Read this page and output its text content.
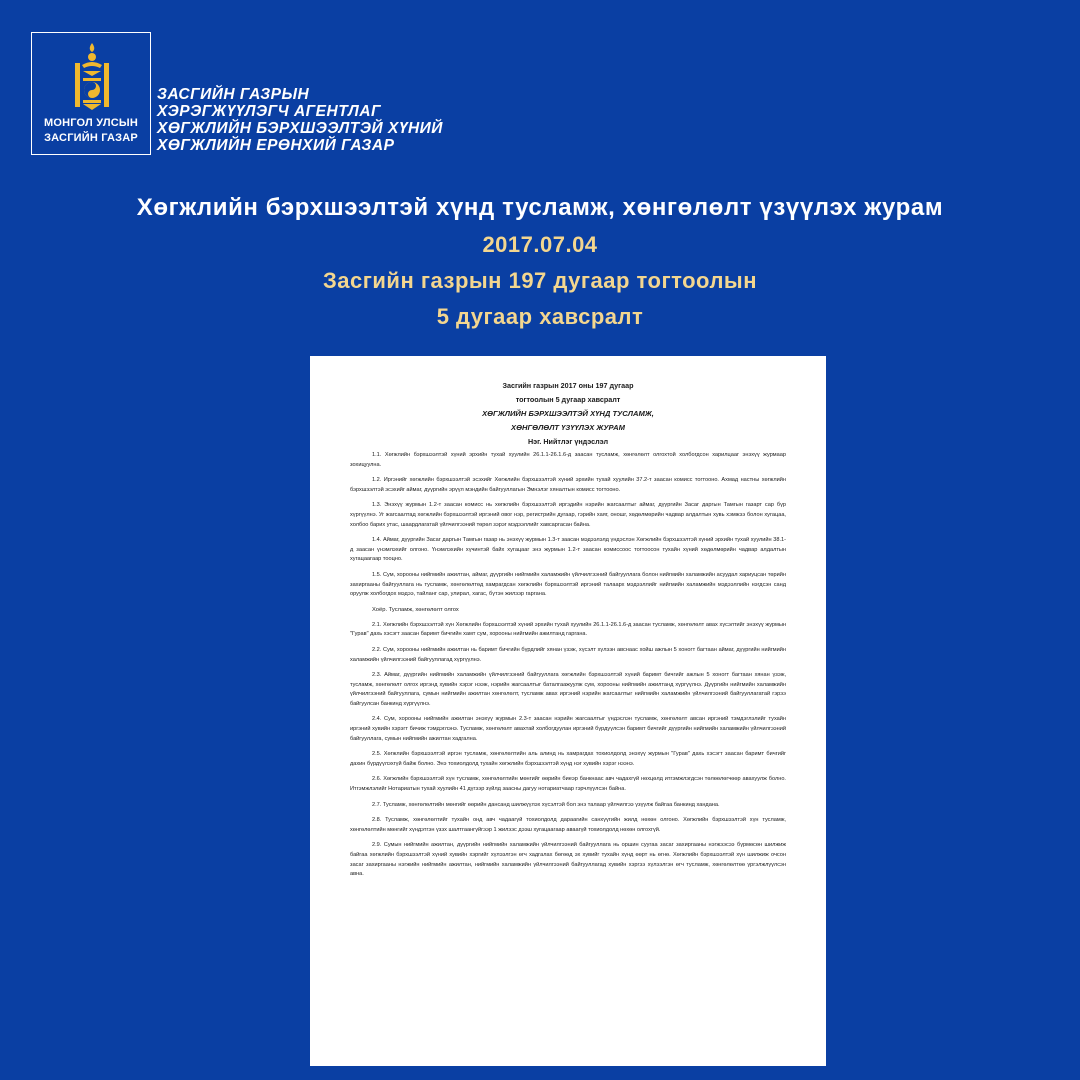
МОНГОЛ УЛСЫН
ЗАСГИЙН ГАЗАР
ЗАСГИЙН ГАЗРЫН
ХЭРЭГЖҮҮЛЭГЧ АГЕНТЛАГ
ХӨГЖЛИЙН БЭРХШЭЭЛТЭЙ ХҮНИЙ
ХӨГЖЛИЙН ЕРӨНХИЙ ГАЗАР
Хөгжлийн бэрхшээлтэй хүнд тусламж, хөнгөлөлт үзүүлэх журам
2017.07.04
Засгийн газрын 197 дугаар тогтоолын
5 дугаар хавсралт
Засгийн газрын 2017 оны 197 дугаар
тогтоолын 5 дугаар хавсралт
ХӨГЖЛИЙН БЭРХШЭЭЛТЭЙ ХҮНД ТУСЛАМЖ,
ХӨНГӨЛӨЛТ ҮЗҮҮЛЭХ ЖУРАМ
Нэг. Нийтлэг үндэслэл

1.1. Хөгжлийн бэрхшээлтэй хүний эрхийн тухай хуулийн 26.1.1-26.1.6-д заасан тусламж, хөнгөлөлт олгохтой холбогдсон харилцааг энэхүү журмаар зохицуулна.

1.2. Иргэнийг хөгжлийн бэрхшээлтэй эсэхийг Хөгжлийн бэрхшээлтэй хүний эрхийн тухай хуулийн 37.2-т заасан комисс тогтооно. Ахмад настны хөгжлийн бэрхшээлтэй эсэхийг аймаг, дүүргийн эрүүл мэндийн байгууллагын Эмнэлэг хяналтын комисс тогтооно.

1.3. Энэхүү журмын 1.2-т заасан комисс нь хөгжлийн бэрхшээлтэй иргэдийн нэрийн жагсаалтыг аймаг, дүүргийн Засаг даргын Тамгын газарт сар бүр хүргүүлнэ. Уг жагсаалтад хөгжлийн бэрхшээлтэй иргэний овог нэр, регистрийн дугаар, гэрийн хаяг, оношг, хөдөлмөрийн чадвар алдалтын хувь хэмжээ болон хугацаа, холбоо барих утас, шаардлагатай үйлчилгээний төрөл зэрэг мэдээллийг хавсаргасан байна.

1.4. Аймаг, дүүргийн Засаг даргын Тамгын газар нь энэхүү журмын 1.3-т заасан мэдээлэлд үндэслэн Хөгжлийн бэрхшээлтэй хүний эрхийн тухай хуулийн 38.1-д заасан үнэмлэхийг олгоно. Үнэмлэхийн хүчинтэй байх хугацааг энэ журмын 1.2-т заасан комиссоос тогтоосон тухайн хүний хөдөлмөрийн чадвар алдалтын хугацаагаар тооцно.

1.5. Сум, хорооны нийгмийн ажилтан, аймаг, дүүргийн нийгмийн халамжийн үйлчилгээний байгууллага болон нийгмийн халамжийн асуудал хариуцсан төрийн захиргааны байгууллага нь тусламж, хөнгөлөлтөд хамрагдсан хөгжлийн бэрхшээлтэй иргэний талаарх мэдээллийг нийгмийн халамжийн мэдээллийн нэгдсэн санд оруулж холбогдох мэдээ, тайланг сар, улирал, хагас, бүтэн жилээр гаргана.

Хоёр. Тусламж, хөнгөлөлт олгох

2.1. Хөгжлийн бэрхшээлтэй хүн Хөгжлийн бэрхшээлтэй хүний эрхийн тухай хуулийн 26.1.1-26.1.6-д заасан тусламж, хөнгөлөлт авах хүсэлтийг энэхүү журмын "Гурав" дахь хэсэгт заасан баримт бичгийн хамт сум, хорооны нийгмийн ажилтанд гаргана.

2.2. Сум, хорооны нийгмийн ажилтан нь баримт бичгийн бүрдлийг хянан үзэж, хүсэлт хүлээн авснаас хойш ажлын 5 хоногт багтаан аймаг, дүүргийн нийгмийн халамжийн үйлчилгээний байгууллагад хүргүүлнэ.

2.3. Аймаг, дүүргийн нийгмийн халамжийн үйлчилгээний байгууллага хөгжлийн бэрхшээлтэй хүний баримт бичгийг ажлын 5 хоногт багтаан хянан үзэж, тусламж, хөнгөлөлт олгох иргэнд хувийн хэрэг нээж, нэрийн жагсаалтыг баталгаажуулж сум, хорооны нийгмийн ажилтанд хүргүүлнэ. Дүүргийн нийгмийн халамжийн үйлчилгээний байгууллага, сумын нийгмийн ажилтан хөнгөлөлт, тусламж авах иргэний нэрийн жагсаалтыг нийгмийн халамжийн үйлчилгээний байгууллагатай гэрээ байгуулсан банкинд хүргүүлнэ.

2.4. Сум, хорооны нийгмийн ажилтан энэхүү журмын 2.3-т заасан нэрийн жагсаалтыг үндэслэн тусламж, хөнгөлөлт авсан иргэний тэмдэглэлийг тухайн иргэний хувийн хэрэгт бичиж тэмдэглэнэ. Тусламж, хөнгөлөлт авахтай холбогдуулан иргэний бүрдүүлсэн баримт бичгийг дүүргийн нийгмийн халамжийн үйлчилгээний байгууллага, сумын нийгмийн ажилтан хадгална.

2.5. Хөгжлийн бэрхшээлтэй иргэн тусламж, хөнгөлөлтийн аль алинд нь хамрагдах тохиолдолд энэхүү журмын "Гурав" дахь хэсэгт заасан баримт бичгийг дахин бүрдүүлэхгүй байж болно. Энэ тохиолдолд тухайн хөгжлийн бэрхшээлтэй хүнд нэг хувийн хэрэг нээнэ.

2.6. Хөгжлийн бэрхшээлтэй хүн тусламж, хөнгөлөлтийн мөнгийг өөрийн биеэр банкнаас авч чадахгүй нөхцөлд итгэмжлэгдсэн төлөөлөгчөөр авахуулж болно. Итгэмжлэлийг Нотариатын тухай хуулийн 41 дүгээр зүйлд заасны дагуу нотариатчаар гэрчлүүлсэн байна.

2.7. Тусламж, хөнгөлөлтийн мөнгийг өөрийн дансанд шилжүүлэх хүсэлтэй бол энэ талаар үйлчилгээ үзүүлж байгаа банкинд хандана.

2.8. Тусламж, хөнгөлөлтийг тухайн онд авч чадаагүй тохиолдолд дараагийн санхүүгийн жилд нөхөн олгоно. Хөгжлийн бэрхшээлтэй хүн тусламж, хөнгөлөлтийн мөнгийг хүндэтгэн үзэх шалтгаангүйгээр 1 жилээс дээш хугацаагаар аваагүй тохиолдолд нөхөн олгохгүй.

2.9. Сумын нийгмийн ажилтан, дүүргийн нийгмийн халамжийн үйлчилгээний байгууллага нь оршин суугаа засаг захиргааны нэгжээсээ бүрмөсөн шилжиж байгаа хөгжлийн бэрхшээлтэй хүний хувийн хэргийг хүлээлгэн өгч хадгалах бөгөөд эх хувийг тухайн хүнд өөрт нь өгнө. Хөгжлийн бэрхшээлтэй хүн шилжиж очсон засаг захиргааны нэгжийн нийгмийн ажилтан, нийгмийн халамжийн үйлчилгээний байгууллагад хувийн хэргээ хүлээлгэн өгч тусламж, хөнгөлөлтөө үргэлжлүүлсэн авна.
